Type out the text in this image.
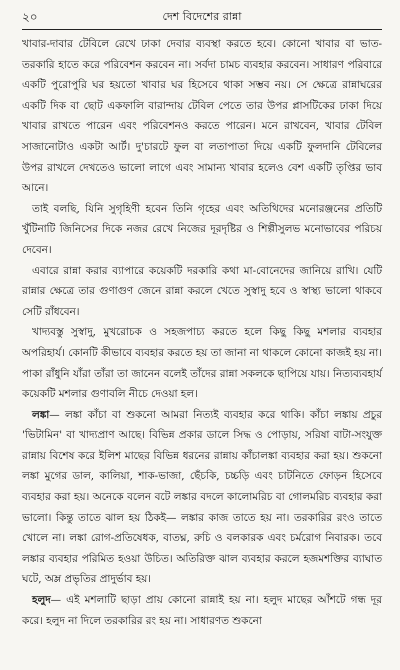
২০	দেশ বিদেশের রান্না

খাবার-দাবার টেবিলে রেখে ঢাকা দেবার ব্যবস্থা করতে হবে। কোনো খাবার বা ভাত-তরকারি হাতে করে পরিবেশন করবেন না। সর্বদা চামচ ব্যবহার করবেন। সাধারণ পরিবারে একটি পুরোপুরি ঘর হয়তো খাবার ঘর হিসেবে থাকা সম্ভব নয়। সে ক্ষেত্রে রান্নাঘরের একটি দিক বা ছোট একফালি বারান্দায় টেবিল পেতে তার উপর প্লাসটিকের ঢাকা দিয়ে খাবার রাখতে পারেন এবং পরিবেশনও করতে পারেন। মনে রাখবেন, খাবার টেবিল সাজানোটাও একটা আর্ট। দু'চারটে ফুল বা লতাপাতা দিয়ে একটি ফুলদানি টেবিলের উপর রাখলে দেখতেও ভালো লাগে এবং সামান্য খাবার হলেও বেশ একটি তৃপ্তির ভাব আনে।

তাই বলছি, যিনি সুগৃহিণী হবেন তিনি গৃহের এবং অতিথিদের মনোরঞ্জনের প্রতিটি খুঁটিনাটি জিনিসের দিকে নজর রেখে নিজের দূরদৃষ্টির ও শিল্পীসুলভ মনোভাবের পরিচয় দেবেন।

এবারে রান্না করার ব্যাপারে কয়েকটি দরকারি কথা মা-বোনেদের জানিয়ে রাখি। যেটি রান্নার ক্ষেত্রে তার গুণাগুণ জেনে রান্না করলে খেতে সুস্বাদু হবে ও স্বাস্থ্য ভালো থাকবে সেটি রাঁধবেন।

খাদ্যবস্তু সুস্বাদু, মুখরোচক ও সহজপাচ্য করতে হলে কিছু কিছু মশলার ব্যবহার অপরিহার্য। কোনটি কীভাবে ব্যবহার করতে হয় তা জানা না থাকলে কোনো কাজই হয় না। পাকা রাঁধুনি যাঁরা তাঁরা তা জানেন বলেই তাঁদের রান্না সকলকে ছাপিয়ে যায়। নিত্যব্যবহার্য কয়েকটি মশলার গুণাবলি নীচে দেওয়া হল।

লঙ্কা— লঙ্কা কাঁচা বা শুকনো আমরা নিত্যই ব্যবহার করে থাকি। কাঁচা লঙ্কায় প্রচুর 'ভিটামিন' বা খাদ্যপ্রাণ আছে। বিভিন্ন প্রকার ডালে সিদ্ধ ও পোড়ায়, সরিষা বাটা-সংযুক্ত রান্নায় বিশেষ করে ইলিশ মাছের বিভিন্ন ধরনের রান্নায় কাঁচালঙ্কা ব্যবহার করা হয়। শুকনো লঙ্কা মুগের ডাল, কালিয়া, শাক-ভাজা, ছেঁচকি, চচ্চড়ি এবং চাটনিতে ফোড়ন হিসেবে ব্যবহার করা হয়। অনেকে বলেন বটে লঙ্কার বদলে কালোমরিচ বা গোলমরিচ ব্যবহার করা ভালো। কিন্তু তাতে ঝাল হয় ঠিকই— লঙ্কার কাজ তাতে হয় না। তরকারির রংও তাতে খোলে না। লঙ্কা রোগ-প্রতিষেধক, বাতঘ্ন, রুচি ও বলকারক এবং চর্মরোগ নিবারক। তবে লঙ্কার ব্যবহার পরিমিত হওয়া উচিত। অতিরিক্ত ঝাল ব্যবহার করলে হজমশক্তির ব্যাঘাত ঘটে, অম্ল প্রভৃতির প্রাদুর্ভাব হয়।

হলুদ— এই মশলাটি ছাড়া প্রায় কোনো রান্নাই হয় না। হলুদ মাছের আঁশটে গন্ধ দূর করে। হলুদ না দিলে তরকারির রং হয় না। সাধারণত শুকনো
